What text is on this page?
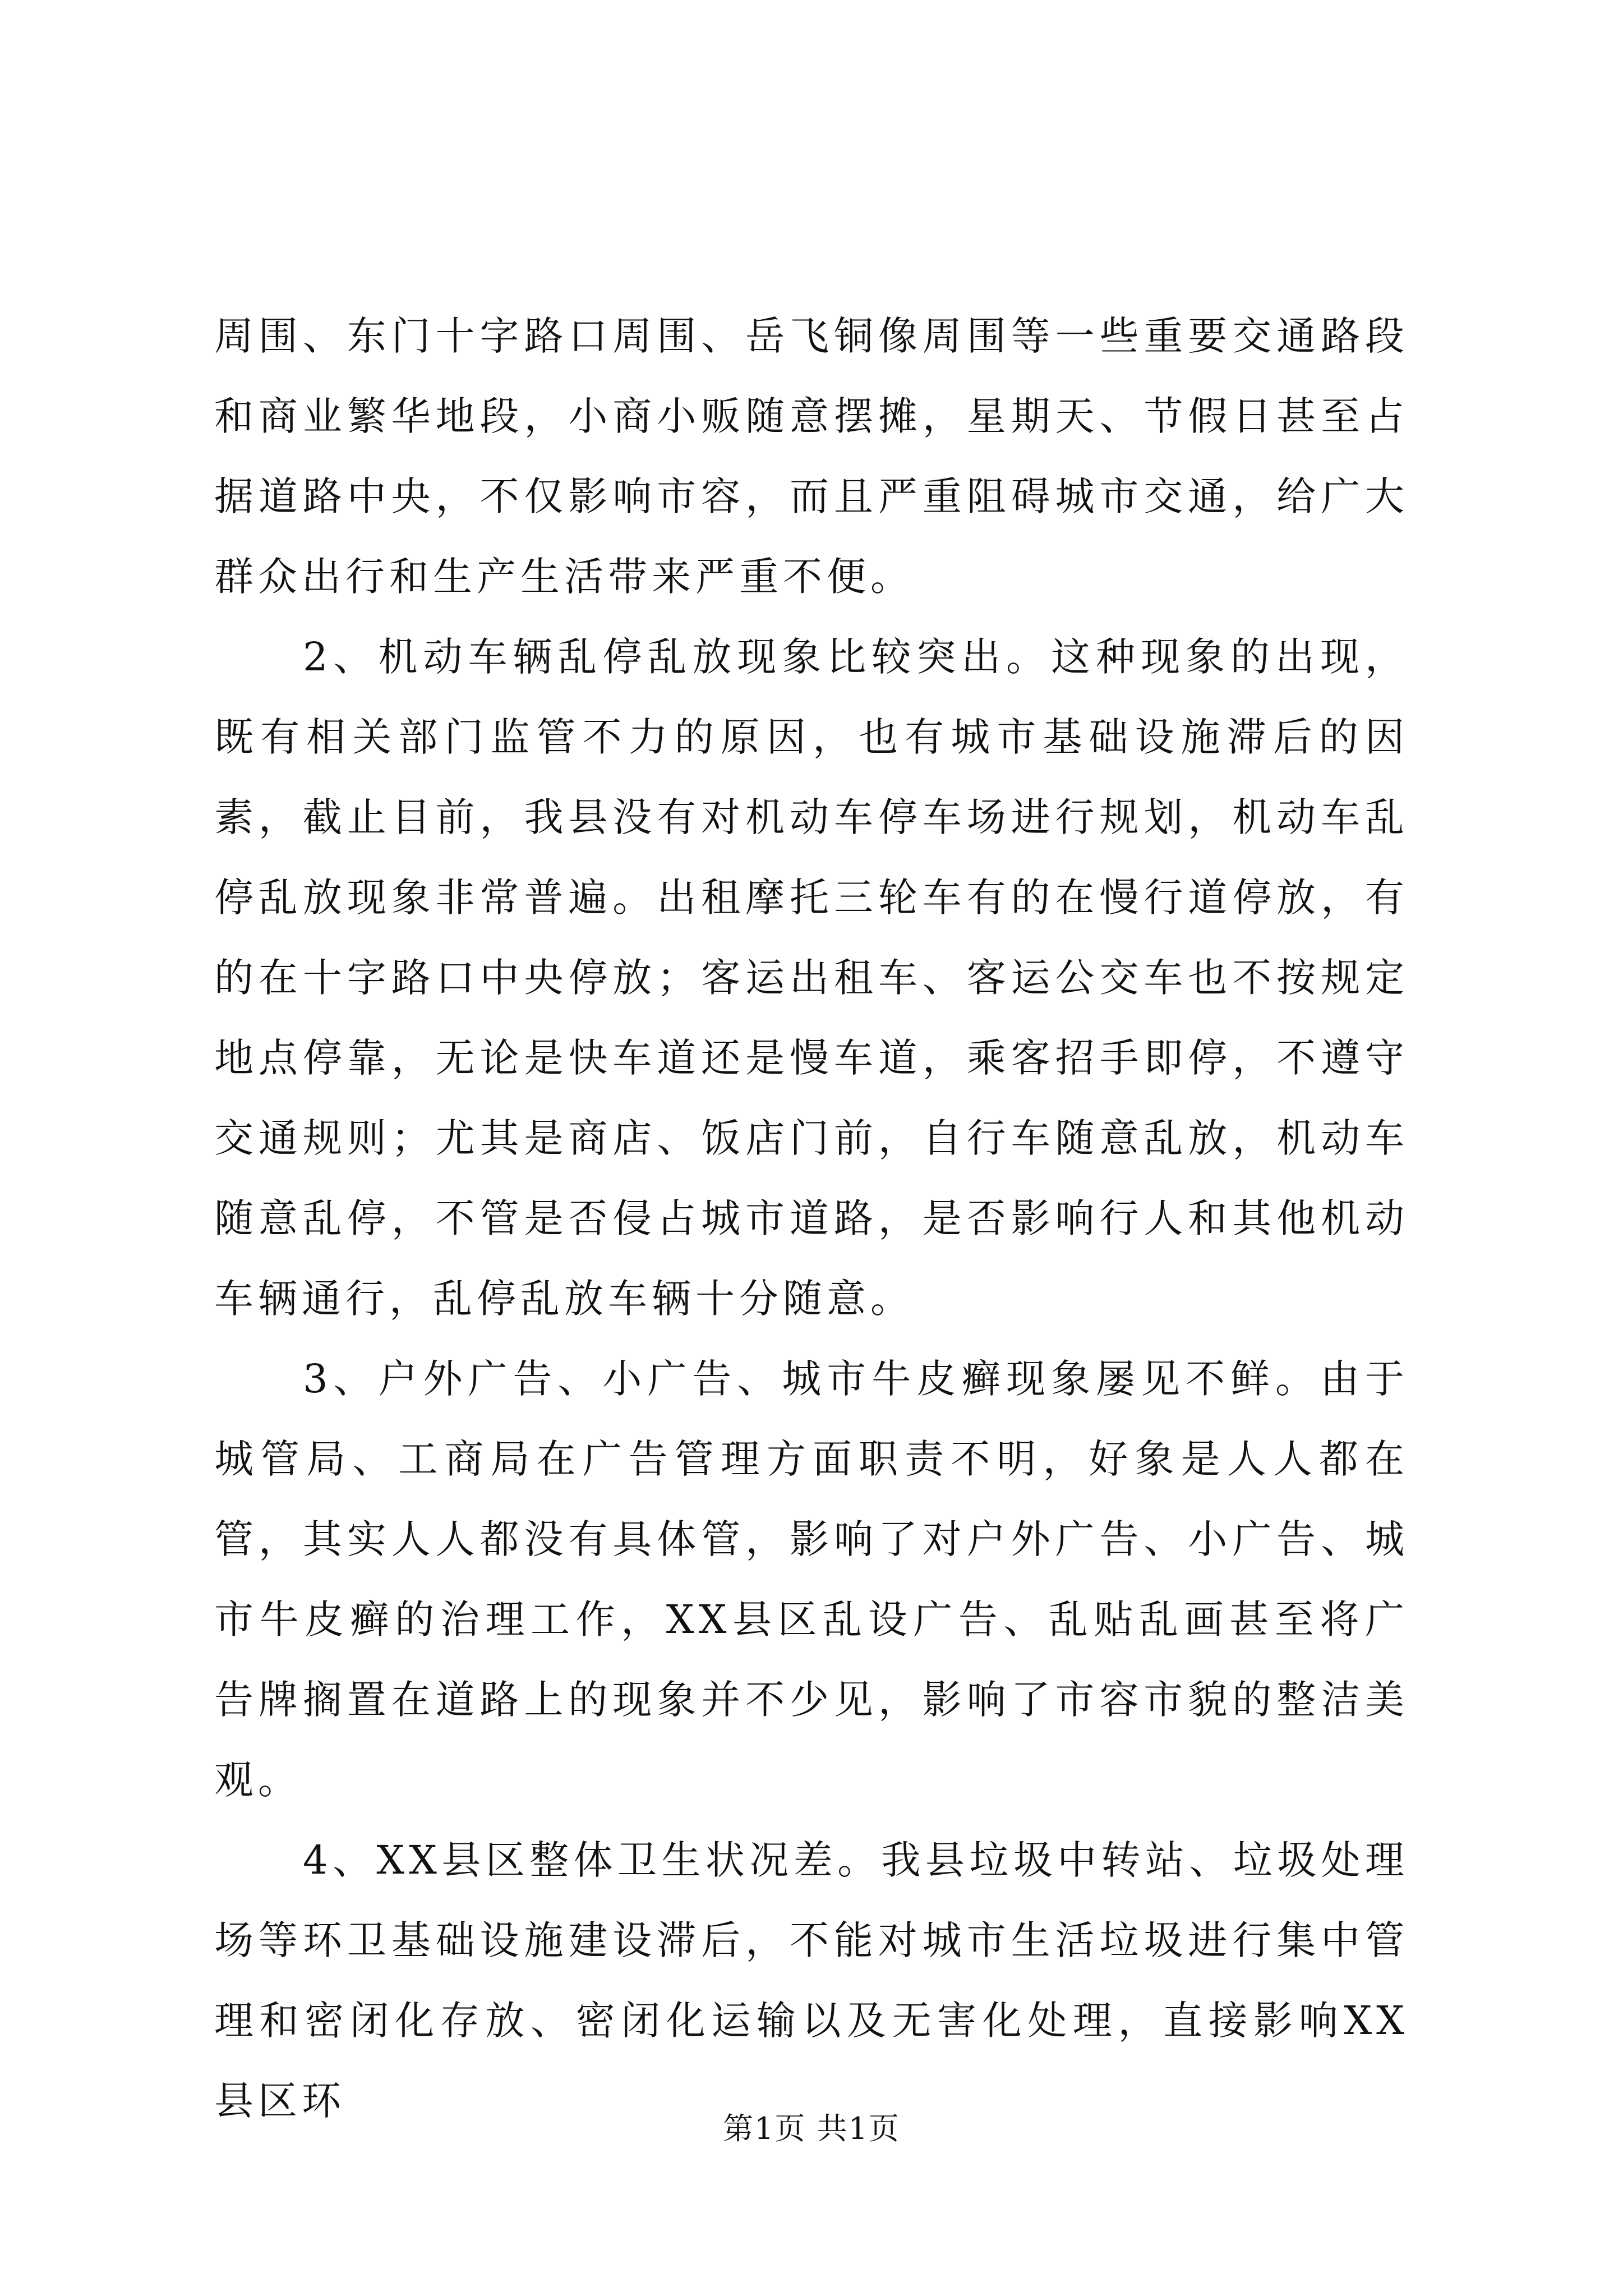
周围、东门十字路口周围、岳飞铜像周围等一些重要交通路段和商业繁华地段，小商小贩随意摆摊，星期天、节假日甚至占据道路中央，不仅影响市容，而且严重阻碍城市交通，给广大群众出行和生产生活带来严重不便。

2、机动车辆乱停乱放现象比较突出。这种现象的出现，既有相关部门监管不力的原因，也有城市基础设施滞后的因素，截止目前，我县没有对机动车停车场进行规划，机动车乱停乱放现象非常普遍。出租摩托三轮车有的在慢行道停放，有的在十字路口中央停放；客运出租车、客运公交车也不按规定地点停靠，无论是快车道还是慢车道，乘客招手即停，不遵守交通规则；尤其是商店、饭店门前，自行车随意乱放，机动车随意乱停，不管是否侵占城市道路，是否影响行人和其他机动车辆通行，乱停乱放车辆十分随意。

3、户外广告、小广告、城市牛皮癣现象屡见不鲜。由于城管局、工商局在广告管理方面职责不明，好象是人人都在管，其实人人都没有具体管，影响了对户外广告、小广告、城市牛皮癣的治理工作，XX县区乱设广告、乱贴乱画甚至将广告牌搁置在道路上的现象并不少见，影响了市容市貌的整洁美观。

4、XX县区整体卫生状况差。我县垃圾中转站、垃圾处理场等环卫基础设施建设滞后，不能对城市生活垃圾进行集中管理和密闭化存放、密闭化运输以及无害化处理，直接影响XX县区环

第1页 共1页
